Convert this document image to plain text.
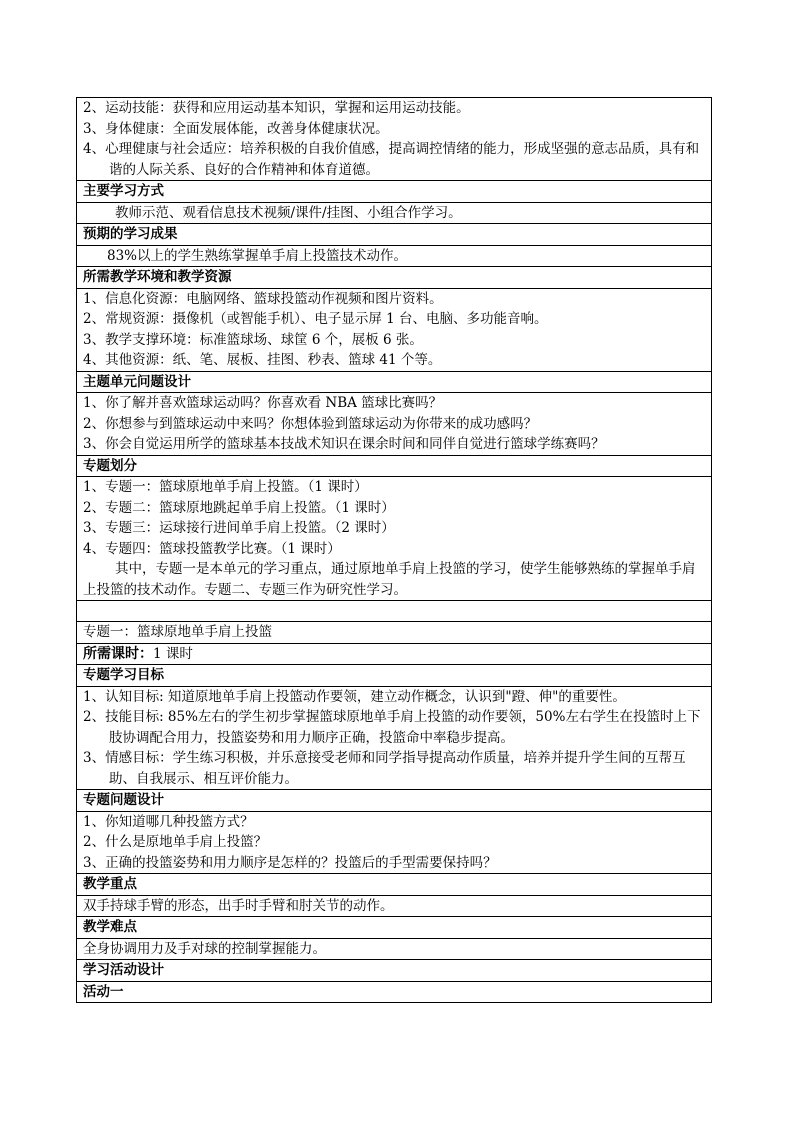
2、运动技能：获得和应用运动基本知识，掌握和运用运动技能。
3、身体健康：全面发展体能，改善身体健康状况。
4、心理健康与社会适应：培养积极的自我价值感，提高调控情绪的能力，形成坚强的意志品质，具有和谐的人际关系、良好的合作精神和体育道德。

主要学习方式

教师示范、观看信息技术视频/课件/挂图、小组合作学习。

预期的学习成果

83%以上的学生熟练掌握单手肩上投篮技术动作。

所需教学环境和教学资源

1、信息化资源：电脑网络、篮球投篮动作视频和图片资料。
2、常规资源：摄像机（或智能手机）、电子显示屏 1 台、电脑、多功能音响。
3、教学支撑环境：标准篮球场、球筐 6 个，展板 6 张。
4、其他资源：纸、笔、展板、挂图、秒表、篮球 41 个等。

主题单元问题设计

1、你了解并喜欢篮球运动吗？你喜欢看 NBA 篮球比赛吗？
2、你想参与到篮球运动中来吗？你想体验到篮球运动为你带来的成功感吗？
3、你会自觉运用所学的篮球基本技战术知识在课余时间和同伴自觉进行篮球学练赛吗？

专题划分

1、专题一：篮球原地单手肩上投篮。（1 课时）
2、专题二：篮球原地跳起单手肩上投篮。（1 课时）
3、专题三：运球接行进间单手肩上投篮。（2 课时）
4、专题四：篮球投篮教学比赛。（1 课时）
其中，专题一是本单元的学习重点，通过原地单手肩上投篮的学习，使学生能够熟练的掌握单手肩上投篮的技术动作。专题二、专题三作为研究性学习。

专题一：篮球原地单手肩上投篮
所需课时：1 课时
专题学习目标

1、认知目标: 知道原地单手肩上投篮动作要领，建立动作概念，认识到"蹬、伸"的重要性。
2、技能目标: 85%左右的学生初步掌握篮球原地单手肩上投篮的动作要领，50%左右学生在投篮时上下肢协调配合用力，投篮姿势和用力顺序正确，投篮命中率稳步提高。
3、情感目标：学生练习积极，并乐意接受老师和同学指导提高动作质量，培养并提升学生间的互帮互助、自我展示、相互评价能力。

专题问题设计

1、你知道哪几种投篮方式？
2、什么是原地单手肩上投篮？
3、正确的投篮姿势和用力顺序是怎样的？投篮后的手型需要保持吗？

教学重点
双手持球手臂的形态，出手时手臂和肘关节的动作。
教学难点
全身协调用力及手对球的控制掌握能力。
学习活动设计
活动一
